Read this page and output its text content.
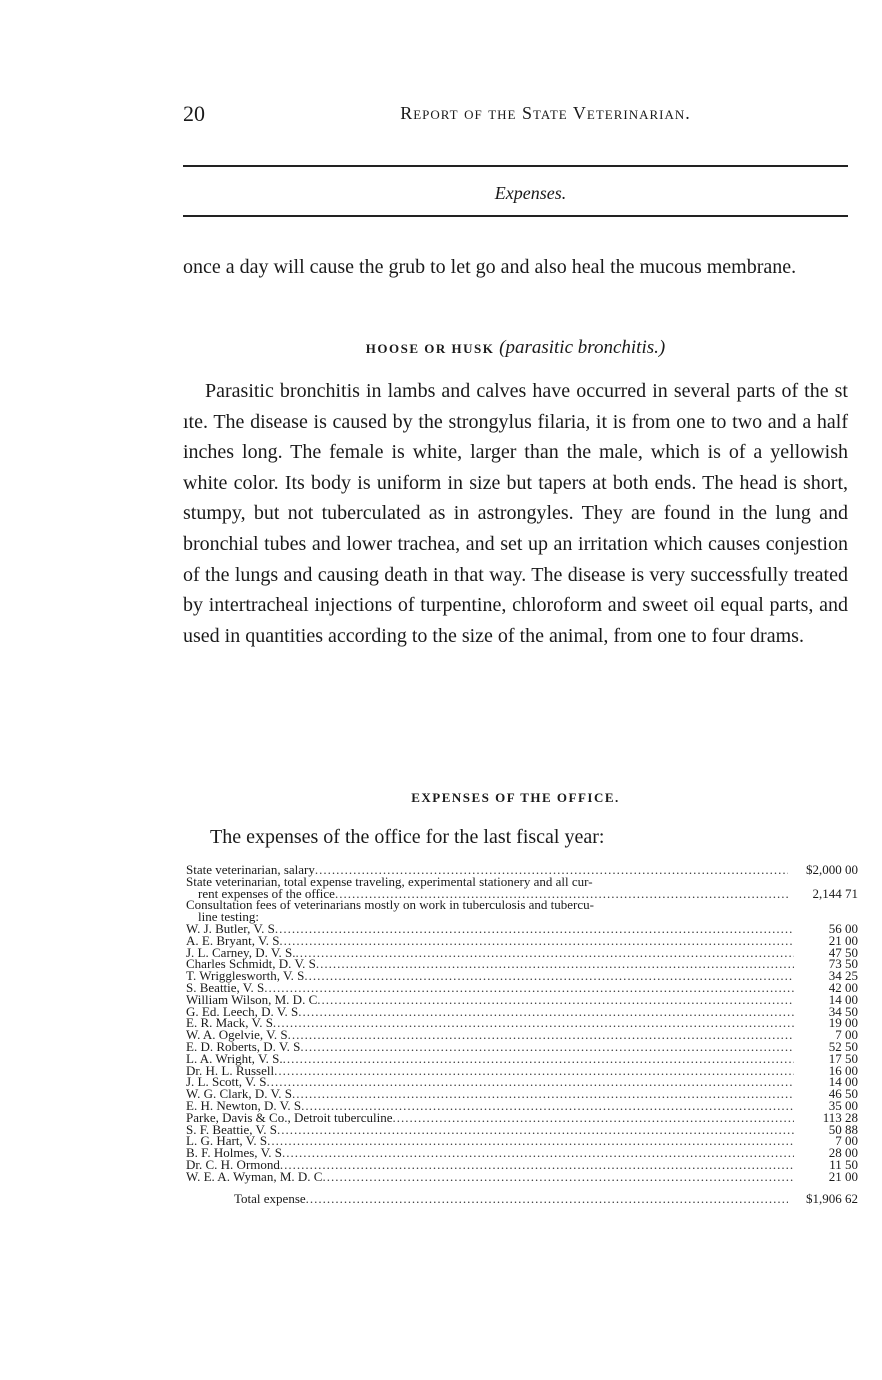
20	Report of the State Veterinarian.
Expenses.

once a day will cause the grub to let go and also heal the mucous membrane.

HOOSE OR HUSK (parasitic bronchitis.)

Parasitic bronchitis in lambs and calves have occurred in several parts of the st ıte. The disease is caused by the strongylus filaria, it is from one to two and a half inches long. The female is white, larger than the male, which is of a yellowish white color. Its body is uniform in size but tapers at both ends. The head is short, stumpy, but not tuberculated as in astrongyles. They are found in the lung and bronchial tubes and lower trachea, and set up an irritation which causes conjestion of the lungs and causing death in that way. The disease is very successfully treated by intertracheal injections of turpentine, chloroform and sweet oil equal parts, and used in quantities according to the size of the animal, from one to four drams.

EXPENSES OF THE OFFICE.
The expenses of the office for the last fiscal year:
State veterinarian, salary .....	$2,000 00
State veterinarian, total expense traveling, experimental stationery and all cur-
rent expenses of the office .....	2,144 71
Consultation fees of veterinarians mostly on work in tuberculosis and tubercu-
line testing:
W. J. Butler, V. S .....	56 00
A. E. Bryant, V. S .....	21 00
J. L. Carney, D. V. S. .....	47 50
Charles Schmidt, D. V. S .....	73 50
T. Wrigglesworth, V. S .....	34 25
S. Beattie, V. S .....	42 00
William Wilson, M. D. C .....	14 00
G. Ed. Leech, D. V. S .....	34 50
E. R. Mack, V. S .....	19 00
W. A. Ogelvie, V. S .....	7 00
E. D. Roberts, D. V. S .....	52 50
L. A. Wright, V. S. .....	17 50
Dr. H. L. Russell .....	16 00
J. L. Scott, V. S .....	14 00
W. G. Clark, D. V. S .....	46 50
E. H. Newton, D. V. S .....	35 00
Parke, Davis & Co., Detroit tuberculine .....	113 28
S. F. Beattie, V. S .....	50 88
L. G. Hart, V. S .....	7 00
B. F. Holmes, V. S .....	28 00
Dr. C. H. Ormond .....	11 50
W. E. A. Wyman, M. D. C .....	21 00
Total expense .....	$1,906 62
